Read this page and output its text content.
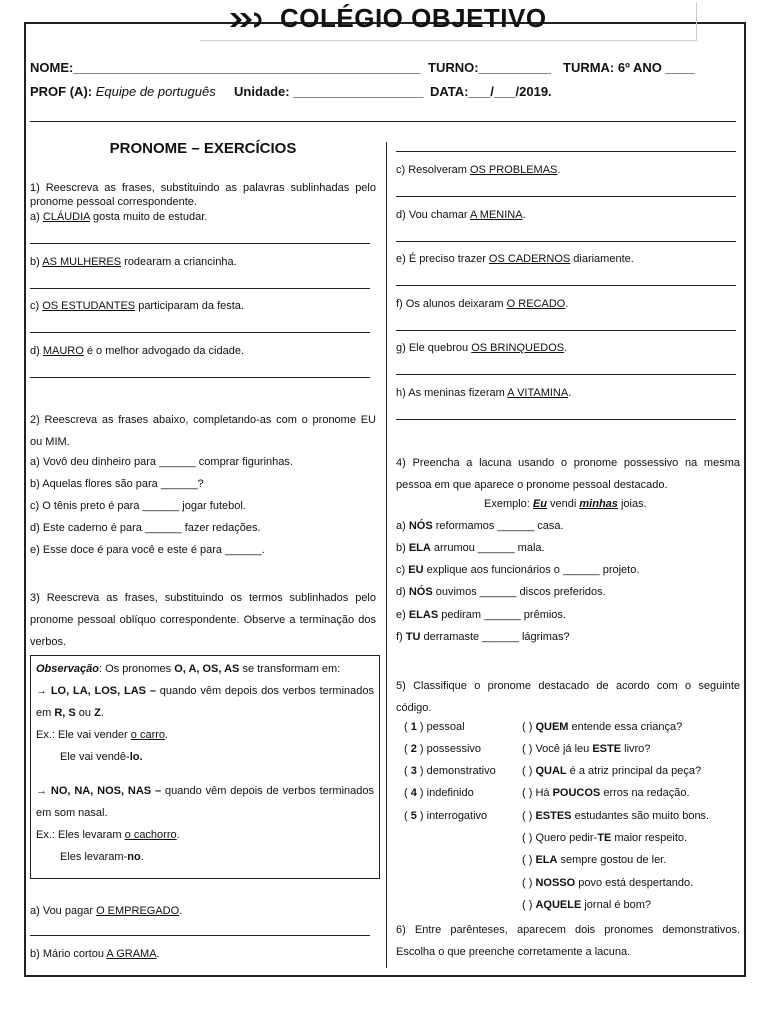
COLÉGIO OBJETIVO
NOME:________________________________________________ TURNO:__________ TURMA: 6º ANO ____
PROF (A): Equipe de português Unidade: __________________ DATA:___/___/2019.
PRONOME – EXERCÍCIOS
1) Reescreva as frases, substituindo as palavras sublinhadas pelo pronome pessoal correspondente.
a) CLÁUDIA gosta muito de estudar.
b) AS MULHERES rodearam a criancinha.
c) OS ESTUDANTES participaram da festa.
d) MAURO é o melhor advogado da cidade.
2) Reescreva as frases abaixo, completando-as com o pronome EU ou MIM.
a) Vovô deu dinheiro para ______ comprar figurinhas.
b) Aquelas flores são para ______?
c) O tênis preto é para ______ jogar futebol.
d) Este caderno é para ______ fazer redações.
e) Esse doce é para você e este é para ______.
3) Reescreva as frases, substituindo os termos sublinhados pelo pronome pessoal oblíquo correspondente. Observe a terminação dos verbos.

Observação: Os pronomes O, A, OS, AS se transformam em:

→ LO, LA, LOS, LAS – quando vêm depois dos verbos terminados em R, S ou Z.

Ex.: Ele vai vender o carro.

Ele vai vendê-lo.

→ NO, NA, NOS, NAS – quando vêm depois de verbos terminados em som nasal.

Ex.: Eles levaram o cachorro.

Eles levaram-no.

a) Vou pagar O EMPREGADO.
b) Mário cortou A GRAMA.
c) Resolveram OS PROBLEMAS.
d) Vou chamar A MENINA.
e) É preciso trazer OS CADERNOS diariamente.
f) Os alunos deixaram O RECADO.
g) Ele quebrou OS BRINQUEDOS.
h) As meninas fizeram A VITAMINA.
4) Preencha a lacuna usando o pronome possessivo na mesma pessoa em que aparece o pronome pessoal destacado.
Exemplo: Eu vendi minhas joias.
a) NÓS reformamos ______ casa.
b) ELA arrumou ______ mala.
c) EU explique aos funcionários o ______ projeto.
d) NÓS ouvimos ______ discos preferidos.
e) ELAS pediram ______ prêmios.
f) TU derramaste ______ lágrimas?
5) Classifique o pronome destacado de acordo com o seguinte código.
( 1 ) pessoal
( 2 ) possessivo
( 3 ) demonstrativo
( 4 ) indefinido
( 5 ) interrogativo
( ) QUEM entende essa criança?
( ) Você já leu ESTE livro?
( ) QUAL é a atriz principal da peça?
( ) Há POUCOS erros na redação.
( ) ESTES estudantes são muito bons.
( ) Quero pedir-TE maior respeito.
( ) ELA sempre gostou de ler.
( ) NOSSO povo está despertando.
( ) AQUELE jornal é bom?
6) Entre parênteses, aparecem dois pronomes demonstrativos. Escolha o que preenche corretamente a lacuna.
